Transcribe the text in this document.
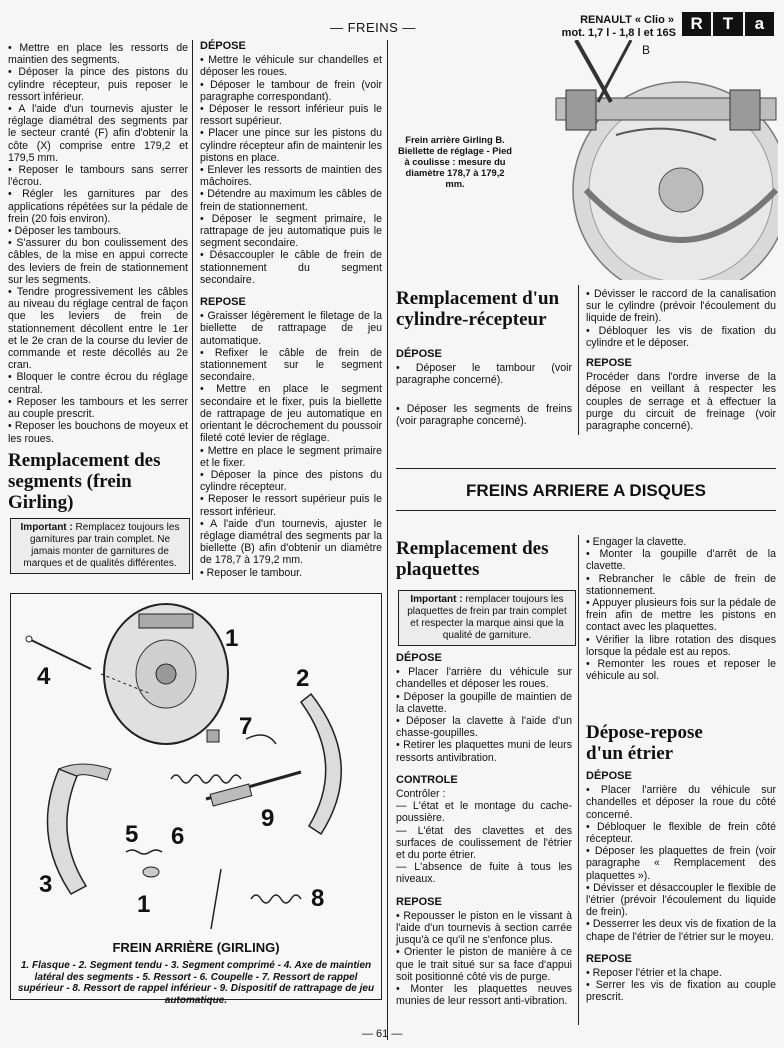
— FREINS —	RENAULT « Clio »
mot. 1,7 l - 1,8 l et 16S R	T	a

• Mettre en place les ressorts de maintien des segments.

• Déposer la pince des pistons du cylindre récepteur, puis reposer le ressort inférieur.

• A l'aide d'un tournevis ajuster le réglage diamétral des segments par le secteur cranté (F) afin d'obtenir la côte (X) comprise entre 179,2 et 179,5 mm.

• Reposer le tambours sans serrer l'écrou.

• Régler les garnitures par des applications répétées sur la pédale de frein (20 fois environ).

• Déposer les tambours.

• S'assurer du bon coulissement des câbles, de la mise en appui correcte des leviers de frein de stationnement sur les segments.

• Tendre progressivement les câbles au niveau du réglage central de façon que les leviers de frein de stationnement décollent entre le 1er et le 2e cran de la course du levier de commande et reste décollés au 2e cran.

• Bloquer le contre écrou du réglage central.

• Reposer les tambours et les serrer au couple prescrit.

• Reposer les bouchons de moyeux et les roues.

Remplacement des segments (frein Girling)
Important : Remplacez toujours les garnitures par train complet. Ne jamais monter de garnitures de marques et de qualités différentes.
DÉPOSE

• Mettre le véhicule sur chandelles et déposer les roues.

• Déposer le tambour de frein (voir paragraphe correspondant).

• Déposer le ressort inférieur puis le ressort supérieur.

• Placer une pince sur les pistons du cylindre récepteur afin de maintenir les pistons en place.

• Enlever les ressorts de maintien des mâchoires.

• Détendre au maximum les câbles de frein de stationnement.

• Déposer le segment primaire, le rattrapage de jeu automatique puis le segment secondaire.

• Désaccoupler le câble de frein de stationnement du segment secondaire.

REPOSE

• Graisser légèrement le filetage de la biellette de rattrapage de jeu automatique.

• Refixer le câble de frein de stationnement sur le segment secondaire.

• Mettre en place le segment secondaire et le fixer, puis la biellette de rattrapage de jeu automatique en orientant le décrochement du poussoir fileté coté levier de réglage.

• Mettre en place le segment primaire et le fixer.

• Déposer la pince des pistons du cylindre récepteur.

• Reposer le ressort supérieur puis le ressort inférieur.

• A l'aide d'un tournevis, ajuster le réglage diamétral des segments par la biellette (B) afin d'obtenir un diamètre de 178,7 à 179,2 mm.

• Reposer le tambour.

B
Frein arrière Girling B. Biellette de réglage - Pied à coulisse : mesure du diamètre 178,7 à 179,2 mm.
Remplacement d'un cylindre-récepteur
DÉPOSE

• Déposer le tambour (voir paragraphe concerné).

• Déposer les segments de freins (voir paragraphe concerné).

• Dévisser le raccord de la canalisation sur le cylindre (prévoir l'écoulement du liquide de frein).

• Débloquer les vis de fixation du cylindre et le déposer.

REPOSE

Procéder dans l'ordre inverse de la dépose en veillant à respecter les couples de serrage et à effectuer la purge du circuit de freinage (voir paragraphe concerné).

FREINS ARRIERE A DISQUES
Remplacement des plaquettes
Important : remplacer toujours les plaquettes de frein par train complet et respecter la marque ainsi que la qualité de garniture.
DÉPOSE

• Placer l'arrière du véhicule sur chandelles et déposer les roues.

• Déposer la goupille de maintien de la clavette.

• Déposer la clavette à l'aide d'un chasse-goupilles.

• Retirer les plaquettes muni de leurs ressorts antivibration.

CONTROLE

Contrôler :

— L'état et le montage du cache-poussière.

— L'état des clavettes et des surfaces de coulissement de l'étrier et du porte étrier.

— L'absence de fuite à tous les niveaux.

REPOSE

• Repousser le piston en le vissant à l'aide d'un tournevis à section carrée jusqu'à ce qu'il ne s'enfonce plus.

• Orienter le piston de manière à ce que le trait situé sur sa face d'appui soit positionné côté vis de purge.

• Monter les plaquettes neuves munies de leur ressort anti-vibration.

• Engager la clavette.

• Monter la goupille d'arrêt de la clavette.

• Rebrancher le câble de frein de stationnement.

• Appuyer plusieurs fois sur la pédale de frein afin de mettre les pistons en contact avec les plaquettes.

• Vérifier la libre rotation des disques lorsque la pédale est au repos.

• Remonter les roues et reposer le véhicule au sol.

Dépose-repose d'un étrier
DÉPOSE

• Placer l'arrière du véhicule sur chandelles et déposer la roue du côté concerné.

• Débloquer le flexible de frein côté récepteur.

• Déposer les plaquettes de frein (voir paragraphe « Remplacement des plaquettes »).

• Dévisser et désaccoupler le flexible de l'étrier (prévoir l'écoulement du liquide de frein).

• Desserrer les deux vis de fixation de la chape de l'étrier de l'étrier sur le moyeu.

REPOSE

• Reposer l'étrier et la chape.

• Serrer les vis de fixation au couple prescrit.

1
2
3
4
5 6
7
8
9
1
FREIN ARRIÈRE (GIRLING)
1. Flasque - 2. Segment tendu - 3. Segment comprimé - 4. Axe de maintien latéral des segments - 5. Ressort - 6. Coupelle - 7. Ressort de rappel supérieur - 8. Ressort de rappel inférieur - 9. Dispositif de rattrapage de jeu automatique.
— 61 —
